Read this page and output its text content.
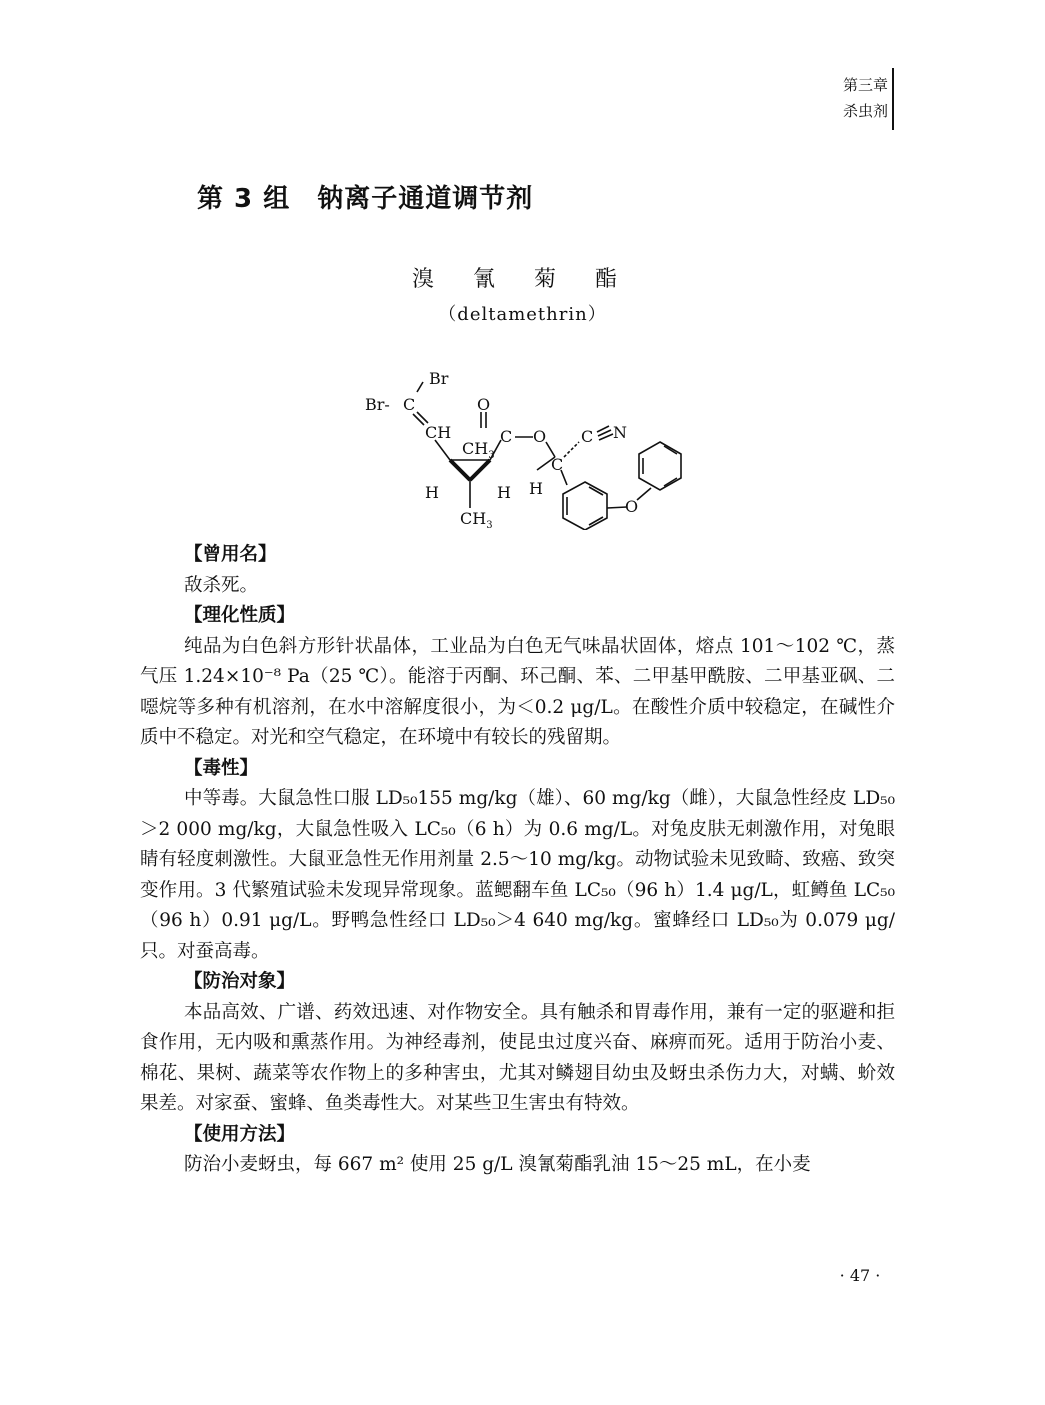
第三章
杀虫剂
第 3 组　钠离子通道调节剂
溴 氰 菊 酯
（deltamethrin）
Br
Br- C
CH
O
C O
$CH_3$
H	H
$CH_3$
C
H
C N
O
【曾用名】

敌杀死。

【理化性质】

纯品为白色斜方形针状晶体，工业品为白色无气味晶状固体，熔点 101～102 ℃，蒸气压 1.24×10⁻⁸ Pa（25 ℃）。能溶于丙酮、环己酮、苯、二甲基甲酰胺、二甲基亚砜、二噁烷等多种有机溶剂，在水中溶解度很小，为＜0.2 μg/L。在酸性介质中较稳定，在碱性介质中不稳定。对光和空气稳定，在环境中有较长的残留期。

【毒性】

中等毒。大鼠急性口服 LD₅₀155 mg/kg（雄）、60 mg/kg（雌），大鼠急性经皮 LD₅₀＞2 000 mg/kg，大鼠急性吸入 LC₅₀（6 h）为 0.6 mg/L。对兔皮肤无刺激作用，对兔眼睛有轻度刺激性。大鼠亚急性无作用剂量 2.5～10 mg/kg。动物试验未见致畸、致癌、致突变作用。3 代繁殖试验未发现异常现象。蓝鳃翻车鱼 LC₅₀（96 h）1.4 μg/L，虹鳟鱼 LC₅₀（96 h）0.91 μg/L。野鸭急性经口 LD₅₀＞4 640 mg/kg。蜜蜂经口 LD₅₀为 0.079 μg/只。对蚕高毒。

【防治对象】

本品高效、广谱、药效迅速、对作物安全。具有触杀和胃毒作用，兼有一定的驱避和拒食作用，无内吸和熏蒸作用。为神经毒剂，使昆虫过度兴奋、麻痹而死。适用于防治小麦、棉花、果树、蔬菜等农作物上的多种害虫，尤其对鳞翅目幼虫及蚜虫杀伤力大，对螨、蚧效果差。对家蚕、蜜蜂、鱼类毒性大。对某些卫生害虫有特效。

【使用方法】

防治小麦蚜虫，每 667 m² 使用 25 g/L 溴氰菊酯乳油 15～25 mL，在小麦

· 47 ·
